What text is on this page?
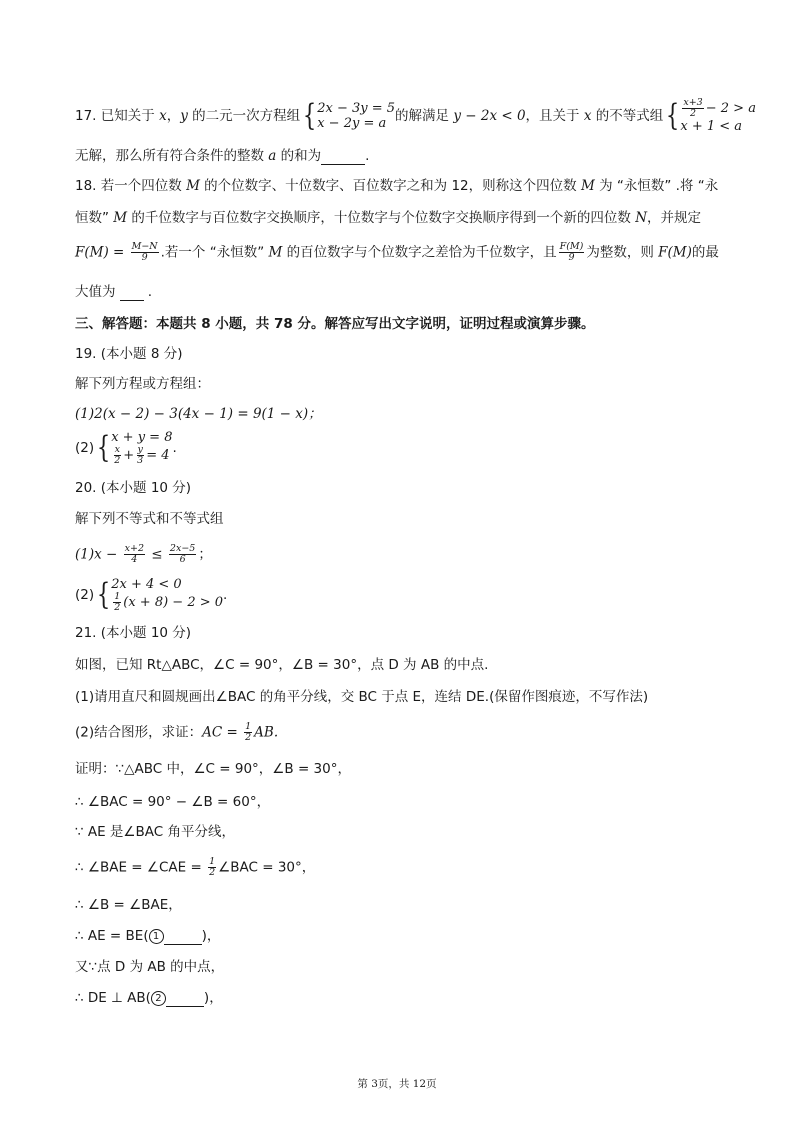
17. 已知关于 x，y 的二元一次方程组 { 2x − 3y = 5
x − 2y = a 的解满足 y − 2x < 0，且关于 x 的不等式组 { $\frac{x+3}{2} - 2 > a$
x + 1 < a
无解，那么所有符合条件的整数 a 的和为	.
18. 若一个四位数 M 的个位数字、十位数字、百位数字之和为 12，则称这个四位数 M 为 “永恒数” .将 “永
恒数” M 的千位数字与百位数字交换顺序，十位数字与个位数字交换顺序得到一个新的四位数 N，并规定
$F(M) = \frac{M-N}{9}$ .若一个 “永恒数” M 的百位数字与个位数字之差恰为千位数字，且 $\frac{F(M)}{9}$ 为整数，则 F(M)的最
大值为 .
三、解答题：本题共 8 小题，共 78 分。解答应写出文字说明，证明过程或演算步骤。
19. (本小题 8 分)
解下列方程或方程组：
(1)2(x − 2) − 3(4x − 1) = 9(1 − x)；
(2) { x + y = 8
$\frac{x}{2} + \frac{y}{3} = 4$ .
20. (本小题 10 分)
解下列不等式和不等式组
$(1)x - \frac{x+2}{4} \le \frac{2x-5}{6}$ ；
(2) { 2x + 4 < 0
$\frac{1}{2} (x + 8) - 2 > 0$ .
21. (本小题 10 分)
如图，已知 Rt△ABC，∠C = 90°，∠B = 30°，点 D 为 AB 的中点.
(1)请用直尺和圆规画出∠BAC 的角平分线，交 BC 于点 E，连结 DE.(保留作图痕迹，不写作法)
(2)结合图形，求证：AC = $\frac{1}{2}$ AB.
证明：∵△ABC 中，∠C = 90°，∠B = 30°，
∴ ∠BAC = 90° − ∠B = 60°，
∵ AE 是∠BAC 角平分线，
∴ ∠BAE = ∠CAE = $\frac{1}{2}$ ∠BAC = 30°，
∴ ∠B = ∠BAE，
∴ AE = BE( 1	)，
又∵点 D 为 AB 的中点，
∴ DE ⊥ AB( 2	)，
第 3页，共 12页
